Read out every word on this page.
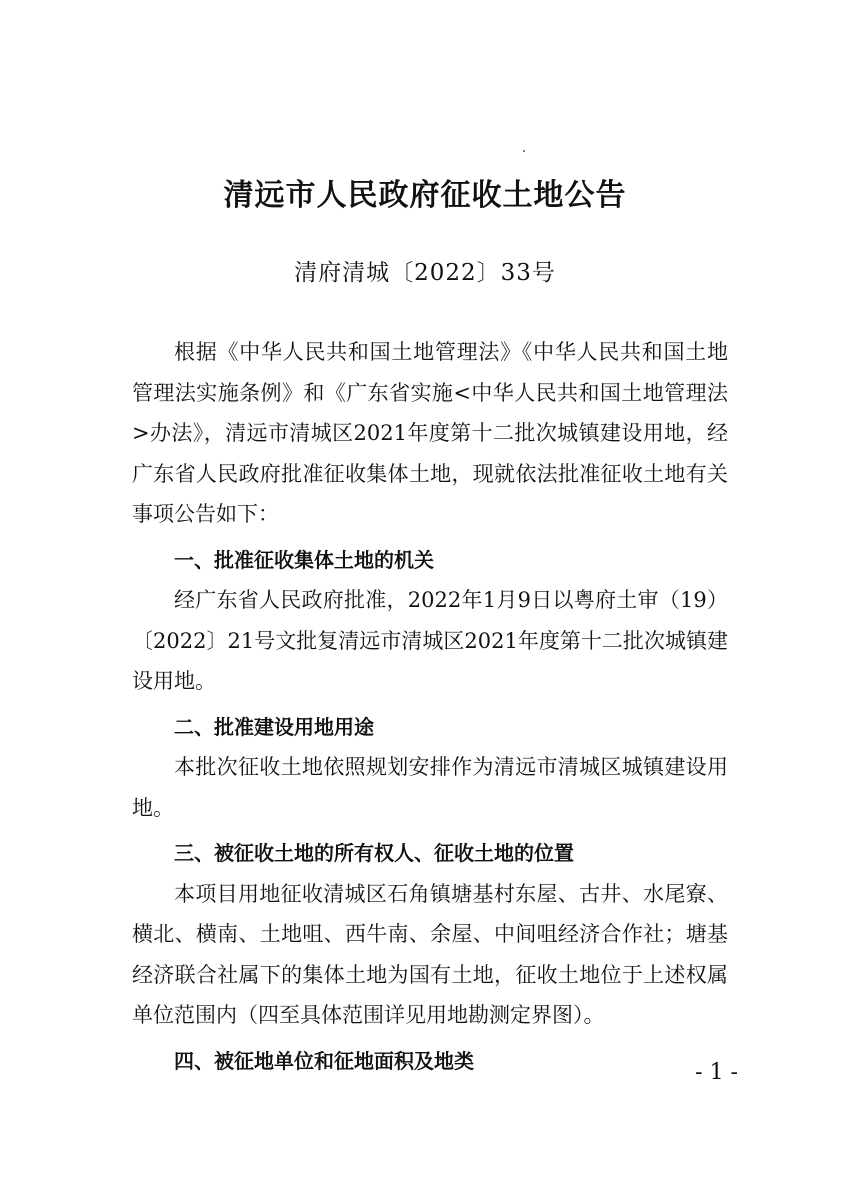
清远市人民政府征收土地公告
清府清城〔2022〕33号

根据《中华人民共和国土地管理法》《中华人民共和国土地管理法实施条例》和《广东省实施<中华人民共和国土地管理法>办法》，清远市清城区2021年度第十二批次城镇建设用地，经广东省人民政府批准征收集体土地，现就依法批准征收土地有关事项公告如下：

一、批准征收集体土地的机关

经广东省人民政府批准，2022年1月9日以粤府土审（19）〔2022〕21号文批复清远市清城区2021年度第十二批次城镇建设用地。

二、批准建设用地用途

本批次征收土地依照规划安排作为清远市清城区城镇建设用地。

三、被征收土地的所有权人、征收土地的位置

本项目用地征收清城区石角镇塘基村东屋、古井、水尾寮、横北、横南、土地咀、西牛南、余屋、中间咀经济合作社；塘基经济联合社属下的集体土地为国有土地，征收土地位于上述权属单位范围内（四至具体范围详见用地勘测定界图）。

四、被征地单位和征地面积及地类	- 1 -
